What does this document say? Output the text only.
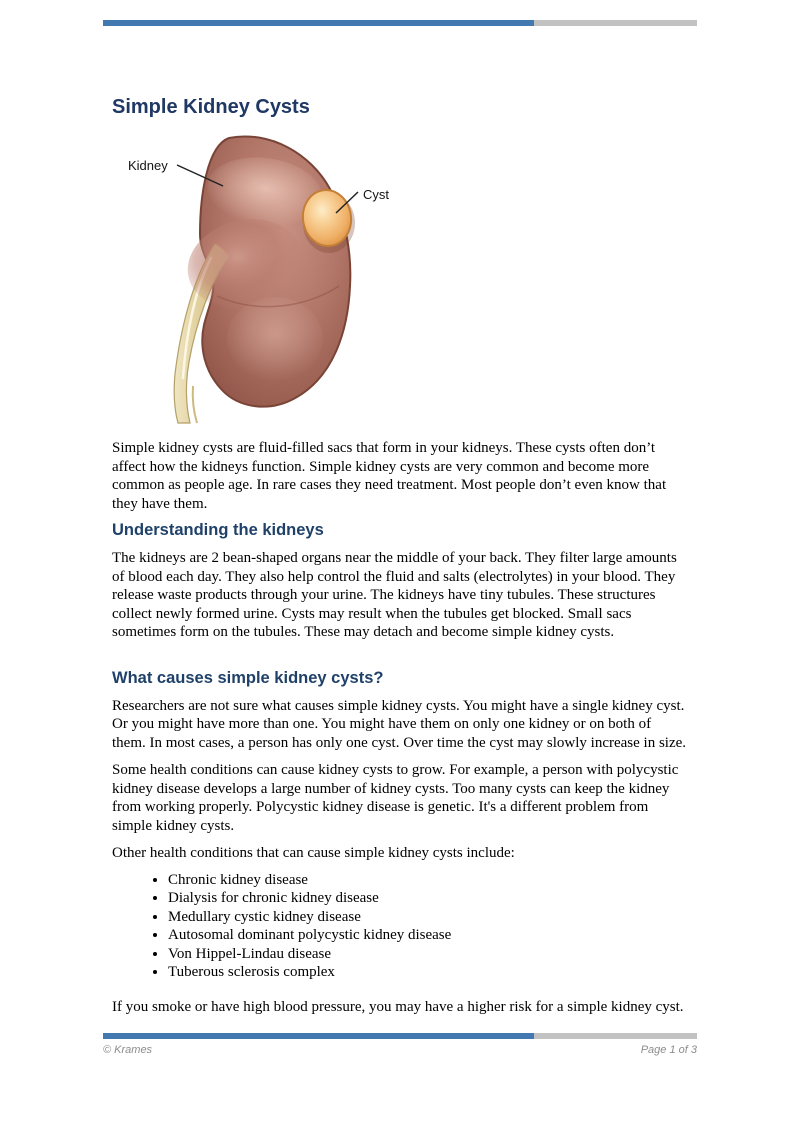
Simple Kidney Cysts
Kidney
Cyst

Simple kidney cysts are fluid-filled sacs that form in your kidneys. These cysts often don’t affect how the kidneys function. Simple kidney cysts are very common and become more common as people age. In rare cases they need treatment. Most people don’t even know that they have them.

Understanding the kidneys

The kidneys are 2 bean-shaped organs near the middle of your back. They filter large amounts of blood each day. They also help control the fluid and salts (electrolytes) in your blood. They release waste products through your urine. The kidneys have tiny tubules. These structures collect newly formed urine. Cysts may result when the tubules get blocked. Small sacs sometimes form on the tubules. These may detach and become simple kidney cysts.

What causes simple kidney cysts?

Researchers are not sure what causes simple kidney cysts. You might have a single kidney cyst. Or you might have more than one. You might have them on only one kidney or on both of them. In most cases, a person has only one cyst. Over time the cyst may slowly increase in size.

Some health conditions can cause kidney cysts to grow. For example, a person with polycystic kidney disease develops a large number of kidney cysts. Too many cysts can keep the kidney from working properly. Polycystic kidney disease is genetic. It's a different problem from simple kidney cysts.

Other health conditions that can cause simple kidney cysts include:

• Chronic kidney disease
• Dialysis for chronic kidney disease
• Medullary cystic kidney disease
• Autosomal dominant polycystic kidney disease
• Von Hippel-Lindau disease
• Tuberous sclerosis complex

If you smoke or have high blood pressure, you may have a higher risk for a simple kidney cyst.

© Krames	Page 1 of 3
